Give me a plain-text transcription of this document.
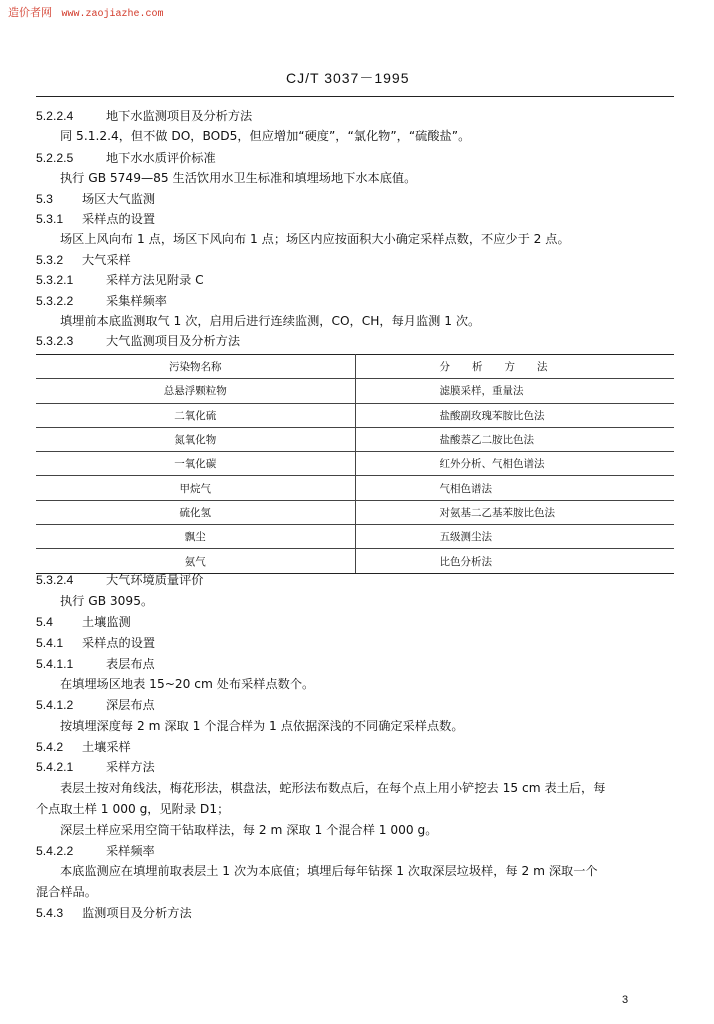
造价者网 www.zaojiazhe.com
CJ/T 3037－1995
5.2.2.4	地下水监测项目及分析方法
同 5.1.2.4，但不做 DO，BOD5，但应增加“硬度”，“氯化物”，“硫酸盐”。
5.2.2.5	地下水水质评价标准
执行 GB 5749—85 生活饮用水卫生标准和填埋场地下水本底值。
5.3 场区大气监测
5.3.1 采样点的设置
场区上风向布 1 点，场区下风向布 1 点；场区内应按面积大小确定采样点数，不应少于 2 点。
5.3.2 大气采样
5.3.2.1	采样方法见附录 C
5.3.2.2	采集样频率
填埋前本底监测取气 1 次，启用后进行连续监测，CO，CH，每月监测 1 次。
5.3.2.3	大气监测项目及分析方法
污染物名称	分析方法
总悬浮颗粒物	滤膜采样，重量法
二氧化硫	盐酸副玫瑰苯胺比色法
氮氧化物	盐酸萘乙二胺比色法
一氧化碳	红外分析、气相色谱法
甲烷气	气相色谱法
硫化氢	对氨基二乙基苯胺比色法
飘尘	五级测尘法
氨气	比色分析法
5.3.2.4	大气环境质量评价
执行 GB 3095。
5.4 土壤监测
5.4.1 采样点的设置
5.4.1.1	表层布点
在填埋场区地表 15~20 cm 处布采样点数个。
5.4.1.2	深层布点
按填埋深度每 2 m 深取 1 个混合样为 1 点依据深浅的不同确定采样点数。
5.4.2 土壤采样
5.4.2.1	采样方法
表层土按对角线法，梅花形法，棋盘法，蛇形法布数点后，在每个点上用小铲挖去 15 cm 表土后，每
个点取土样 1 000 g，见附录 D1；
深层土样应采用空筒干钻取样法，每 2 m 深取 1 个混合样 1 000 g。
5.4.2.2	采样频率
本底监测应在填埋前取表层土 1 次为本底值；填埋后每年钻探 1 次取深层垃圾样，每 2 m 深取一个
混合样品。
5.4.3 监测项目及分析方法
3
